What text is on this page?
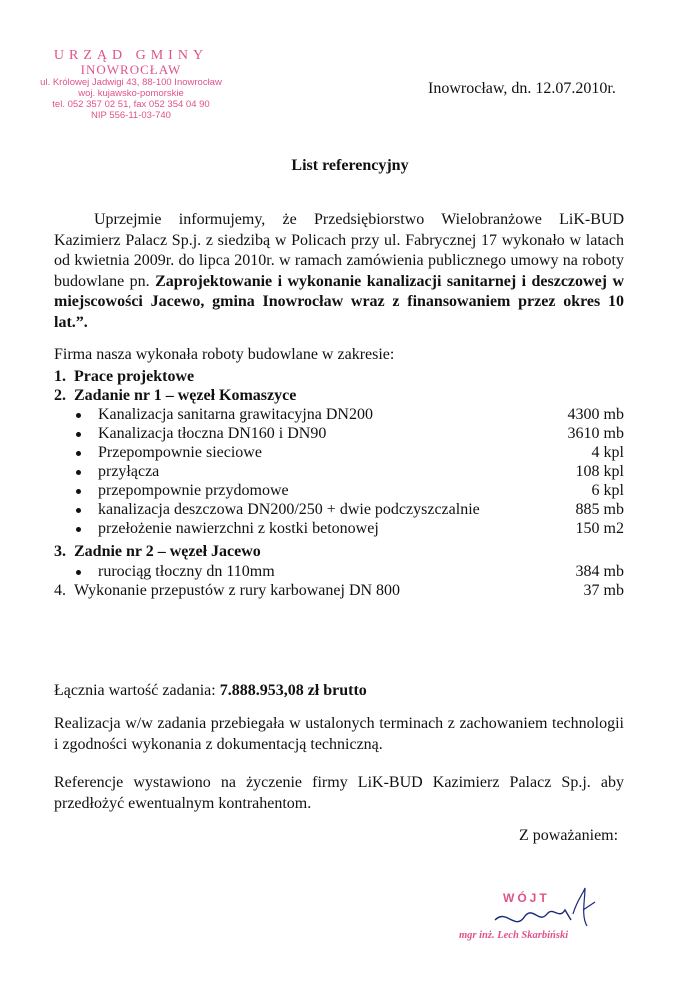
URZĄD GMINY
INOWROCŁAW
ul. Królowej Jadwigi 43, 88-100 Inowrocław
woj. kujawsko-pomorskie
tel. 052 357 02 51, fax 052 354 04 90
NIP 556-11-03-740
Inowrocław, dn. 12.07.2010r.
List referencyjny
Uprzejmie informujemy, że Przedsiębiorstwo Wielobranżowe LiK-BUD Kazimierz Palacz Sp.j. z siedzibą w Policach przy ul. Fabrycznej 17 wykonało w latach od kwietnia 2009r. do lipca 2010r. w ramach zamówienia publicznego umowy na roboty budowlane pn. Zaprojektowanie i wykonanie kanalizacji sanitarnej i deszczowej w miejscowości Jacewo, gmina Inowrocław wraz z finansowaniem przez okres 10 lat.”.
Firma nasza wykonała roboty budowlane w zakresie:
1. Prace projektowe
2. Zadanie nr 1 – węzeł Komaszyce
Kanalizacja sanitarna grawitacyjna DN200	4300 mb
Kanalizacja tłoczna DN160 i DN90	3610 mb
Przepompownie sieciowe	4 kpl
przyłącza	108 kpl
przepompownie przydomowe	6 kpl
kanalizacja deszczowa DN200/250 + dwie podczyszczalnie	885 mb
przełożenie nawierzchni z kostki betonowej	150 m2
3. Zadnie nr 2 – węzeł Jacewo
rurociąg tłoczny dn 110mm	384 mb
4. Wykonanie przepustów z rury karbowanej DN 800	37 mb
Łącznia wartość zadania: 7.888.953,08 zł brutto
Realizacja w/w zadania przebiegała w ustalonych terminach z zachowaniem technologii i zgodności wykonania z dokumentacją techniczną.
Referencje wystawiono na życzenie firmy LiK-BUD Kazimierz Palacz Sp.j. aby przedłożyć ewentualnym kontrahentom.
Z poważaniem:
WÓJT
mgr inż. Lech Skarbiński
